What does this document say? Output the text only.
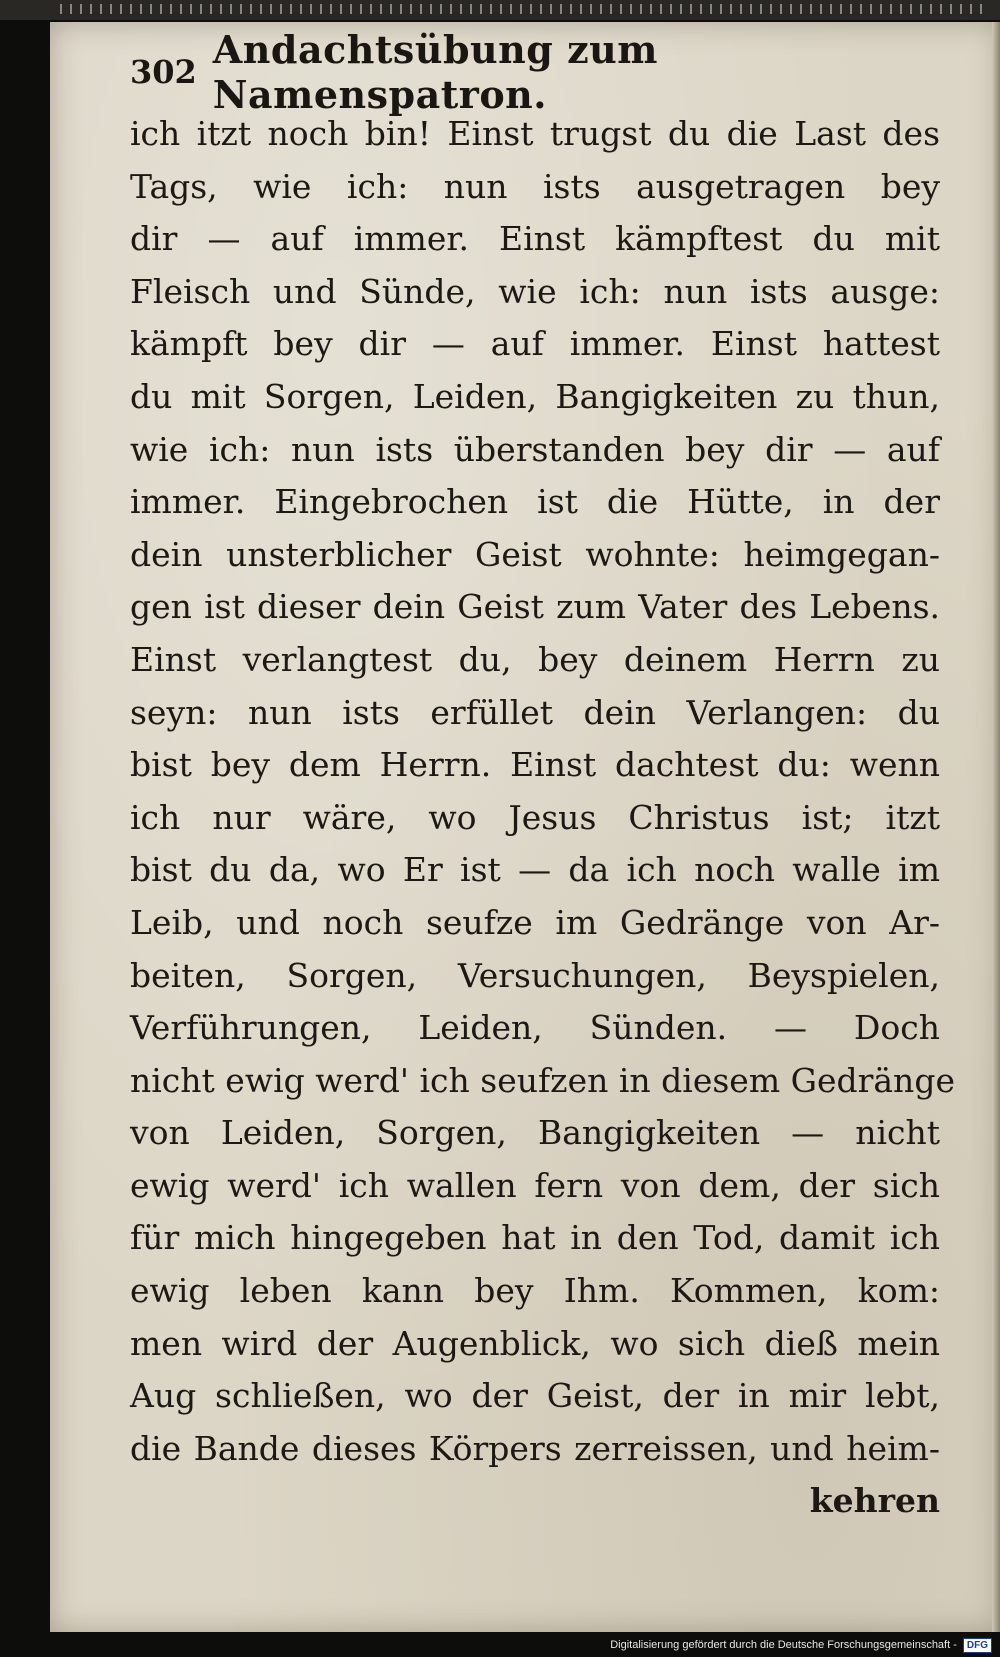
302 Andachtsübung zum Namenspatron.
ich itzt noch bin! Einst trugst du die Last des
Tags, wie ich: nun ists ausgetragen bey
dir — auf immer. Einst kämpftest du mit
Fleisch und Sünde, wie ich: nun ists ausge:
kämpft bey dir — auf immer. Einst hattest
du mit Sorgen, Leiden, Bangigkeiten zu thun,
wie ich: nun ists überstanden bey dir — auf
immer. Eingebrochen ist die Hütte, in der
dein unsterblicher Geist wohnte: heimgegan-
gen ist dieser dein Geist zum Vater des Lebens.
Einst verlangtest du, bey deinem Herrn zu
seyn: nun ists erfüllet dein Verlangen: du
bist bey dem Herrn. Einst dachtest du: wenn
ich nur wäre, wo Jesus Christus ist; itzt
bist du da, wo Er ist — da ich noch walle im
Leib, und noch seufze im Gedränge von Ar-
beiten, Sorgen, Versuchungen, Beyspielen,
Verführungen, Leiden, Sünden. — Doch
nicht ewig werd' ich seufzen in diesem Gedränge
von Leiden, Sorgen, Bangigkeiten — nicht
ewig werd' ich wallen fern von dem, der sich
für mich hingegeben hat in den Tod, damit ich
ewig leben kann bey Ihm. Kommen, kom:
men wird der Augenblick, wo sich dieß mein
Aug schließen, wo der Geist, der in mir lebt,
die Bande dieses Körpers zerreissen, und heim-
kehren
Digitalisierung gefördert durch die Deutsche Forschungsgemeinschaft -	DFG
